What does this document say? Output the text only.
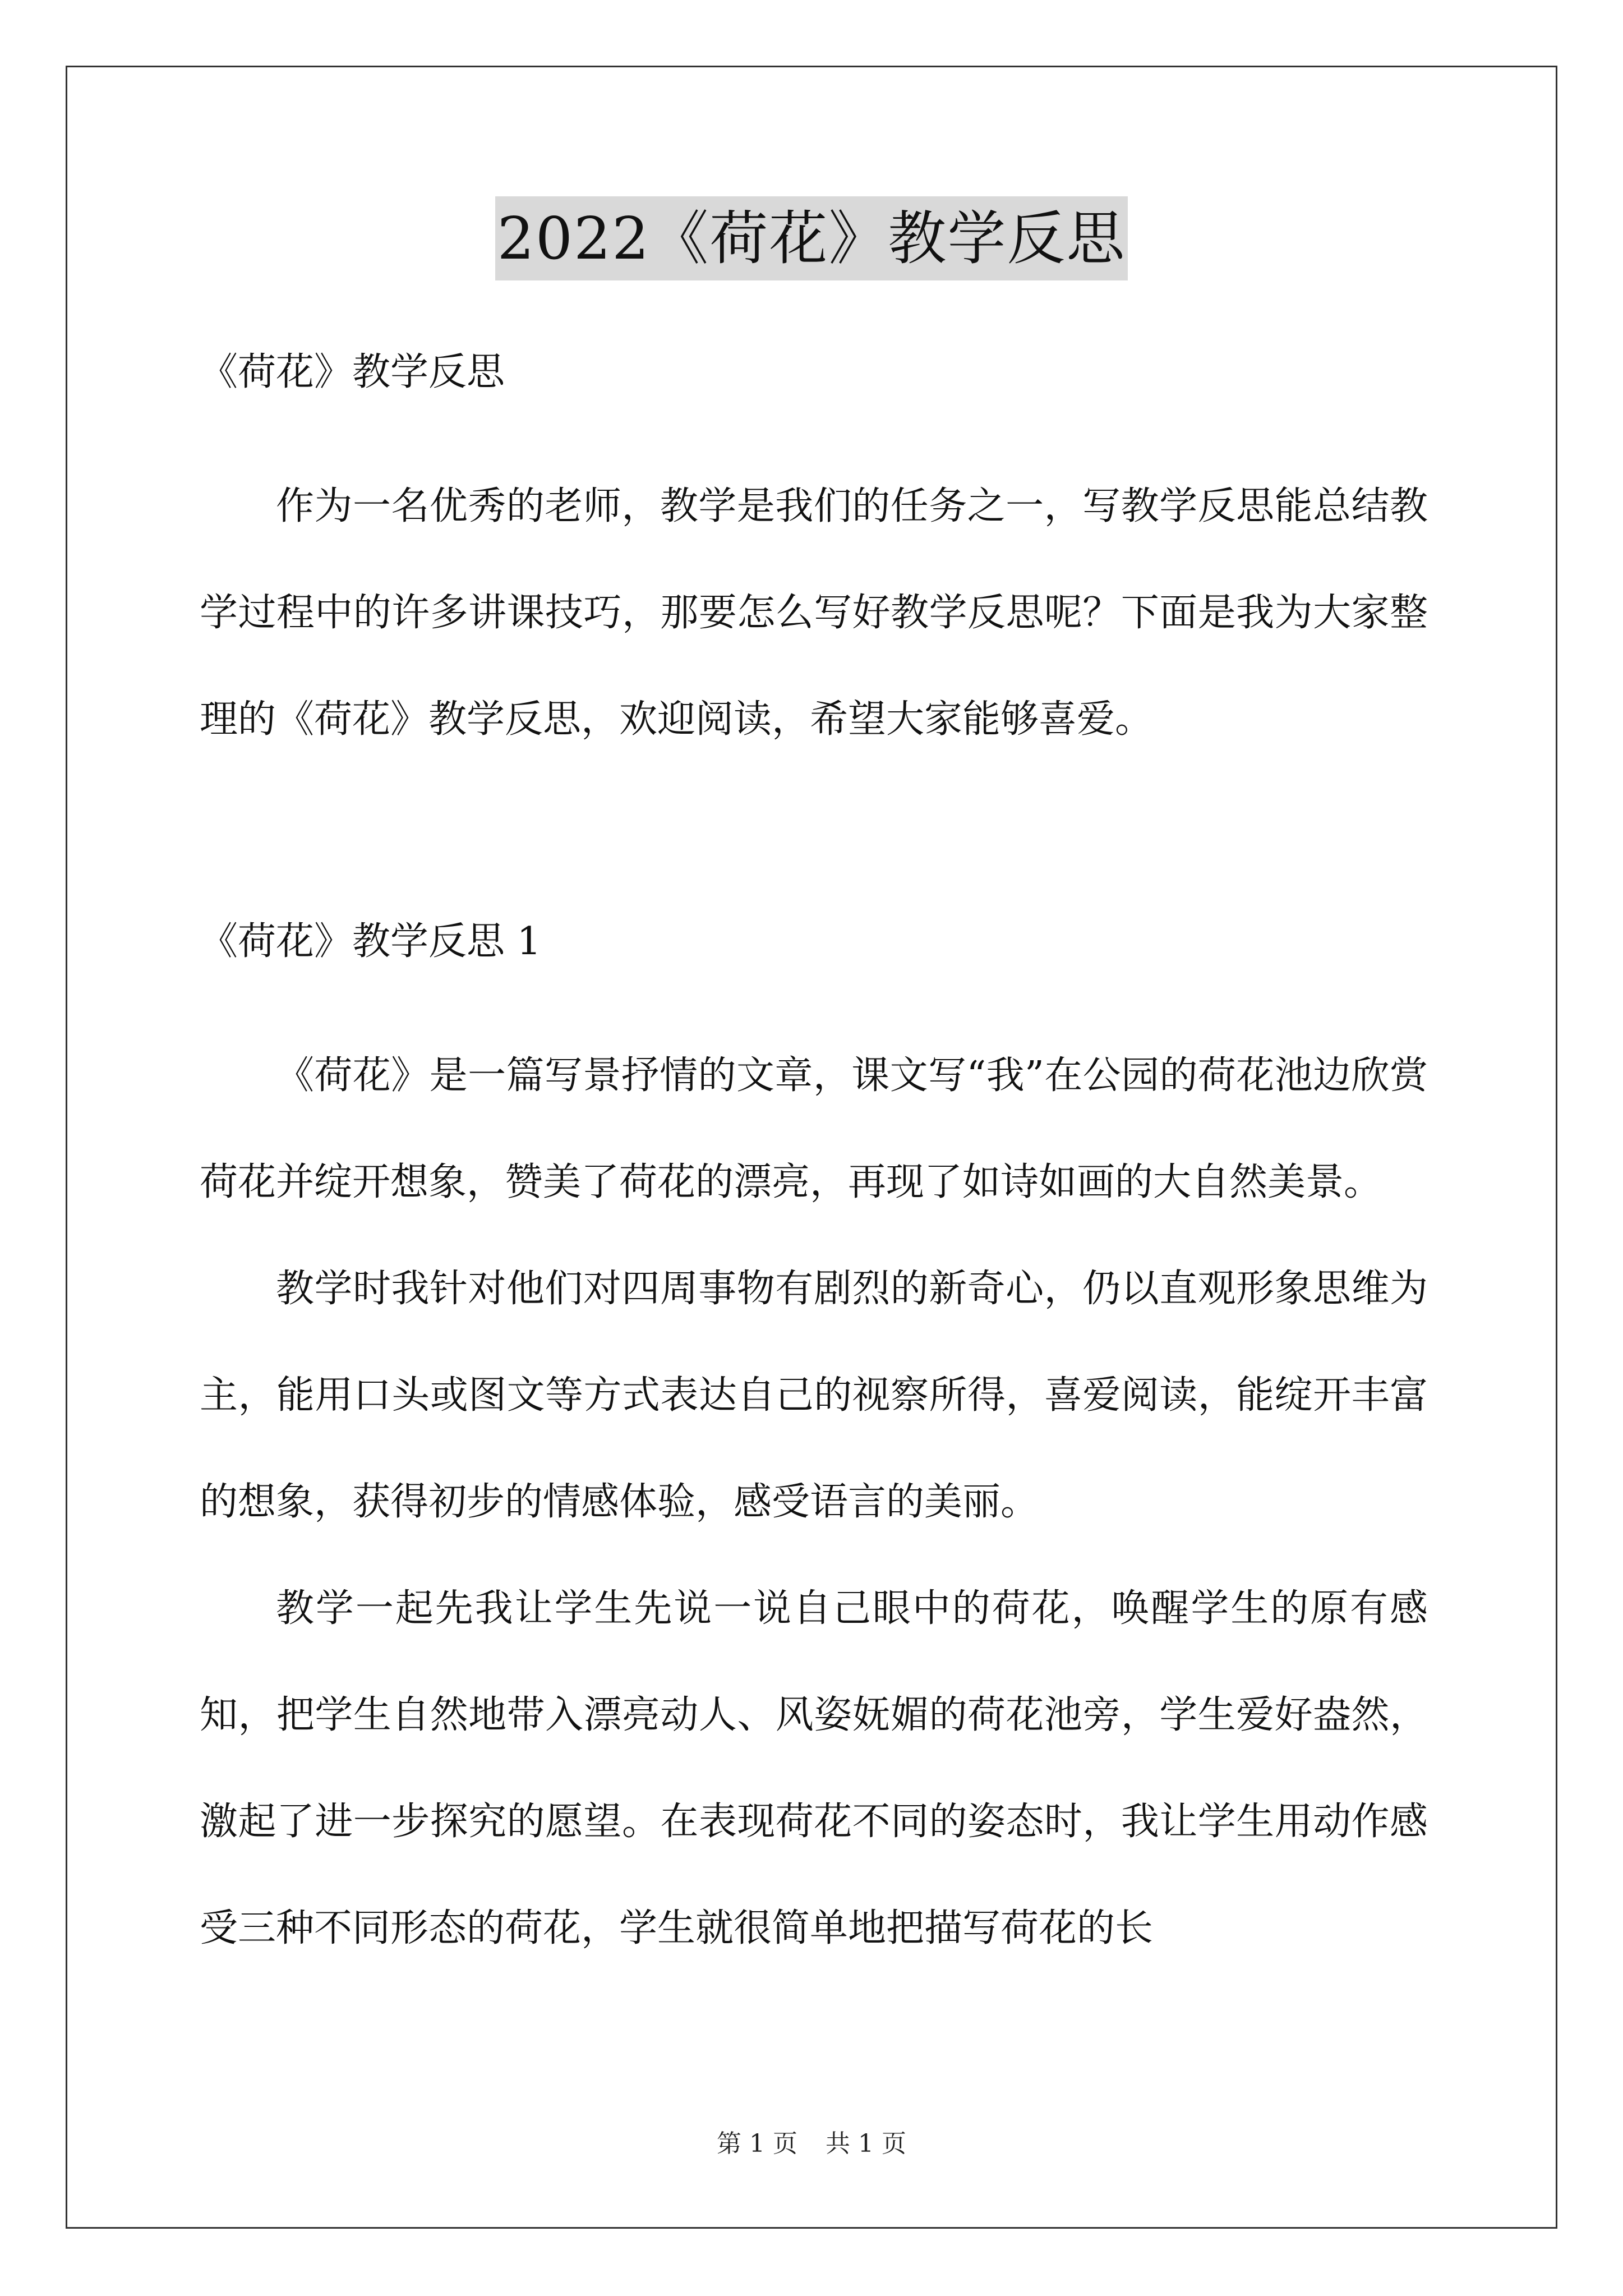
2022《荷花》教学反思

《荷花》教学反思

作为一名优秀的老师，教学是我们的任务之一，写教学反思能总结教学过程中的许多讲课技巧，那要怎么写好教学反思呢？下面是我为大家整理的《荷花》教学反思，欢迎阅读，希望大家能够喜爱。

《荷花》教学反思 1

《荷花》是一篇写景抒情的文章，课文写“我”在公园的荷花池边欣赏荷花并绽开想象，赞美了荷花的漂亮，再现了如诗如画的大自然美景。

教学时我针对他们对四周事物有剧烈的新奇心，仍以直观形象思维为主，能用口头或图文等方式表达自己的视察所得，喜爱阅读，能绽开丰富的想象，获得初步的情感体验，感受语言的美丽。

教学一起先我让学生先说一说自己眼中的荷花，唤醒学生的原有感知，把学生自然地带入漂亮动人、风姿妩媚的荷花池旁，学生爱好盎然，激起了进一步探究的愿望。在表现荷花不同的姿态时，我让学生用动作感受三种不同形态的荷花，学生就很简单地把描写荷花的长

第 1 页 共 1 页
